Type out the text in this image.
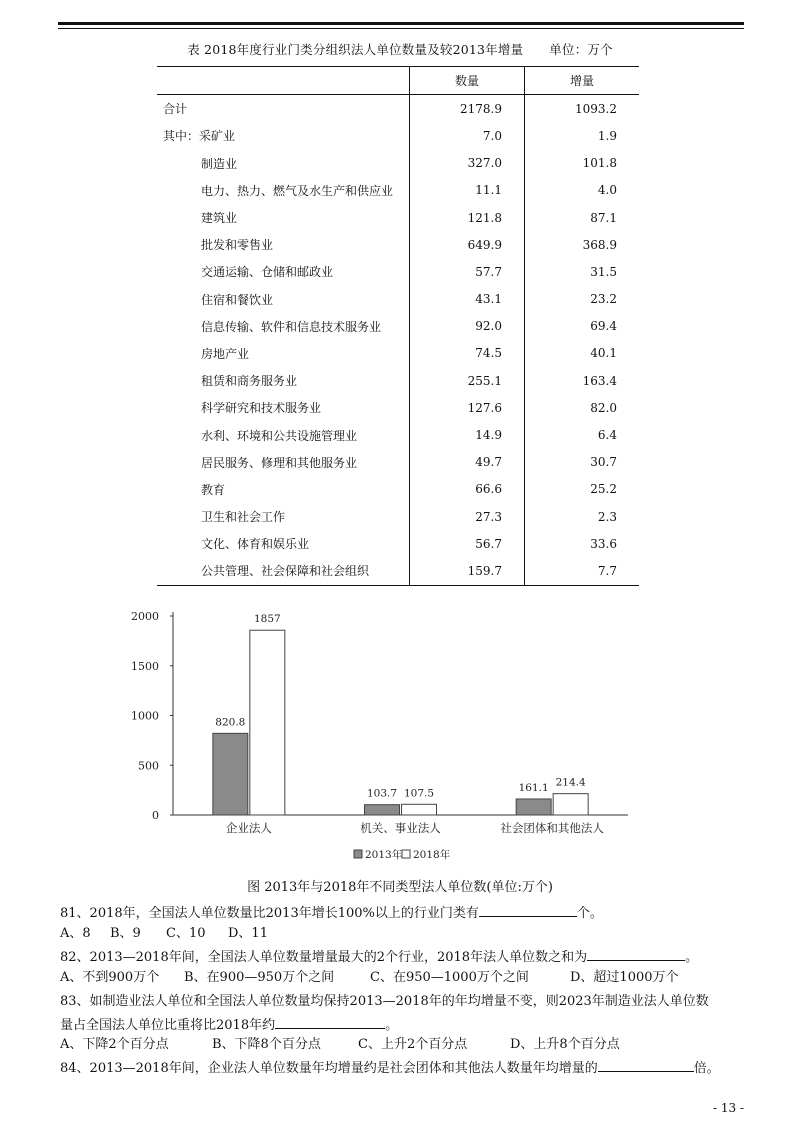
表 2018年度行业门类分组织法人单位数量及较2013年增量 单位：万个
	数量	增量
合计	2178.9	1093.2
其中：采矿业	7.0	1.9
制造业	327.0	101.8
电力、热力、燃气及水生产和供应业	11.1	4.0
建筑业	121.8	87.1
批发和零售业	649.9	368.9
交通运输、仓储和邮政业	57.7	31.5
住宿和餐饮业	43.1	23.2
信息传输、软件和信息技术服务业	92.0	69.4
房地产业	74.5	40.1
租赁和商务服务业	255.1	163.4
科学研究和技术服务业	127.6	82.0
水利、环境和公共设施管理业	14.9	6.4
居民服务、修理和其他服务业	49.7	30.7
教育	66.6	25.2
卫生和社会工作	27.3	2.3
文化、体育和娱乐业	56.7	33.6
公共管理、社会保障和社会组织	159.7	7.7
0
500
1000
1500
2000
820.8
1857
企业法人
103.7 107.5
机关、事业法人
161.1 214.4
社会团体和其他法人
2013年 2018年
图 2013年与2018年不同类型法人单位数(单位:万个)
81、2018年，全国法人单位数量比2013年增长100%以上的行业门类有	个。
A、8 B、9 C、10 D、11
82、2013—2018年间，全国法人单位数量增量最大的2个行业，2018年法人单位数之和为	。
A、不到900万个 B、在900—950万个之间	C、在950—1000万个之间	D、超过1000万个
83、如制造业法人单位和全国法人单位数量均保持2013—2018年的年均增量不变，则2023年制造业法人单位数
量占全国法人单位比重将比2018年约	。
A、下降2个百分点	B、下降8个百分点	C、上升2个百分点	D、上升8个百分点
84、2013—2018年间，企业法人单位数量年均增量约是社会团体和其他法人数量年均增量的	倍。
- 13 -
